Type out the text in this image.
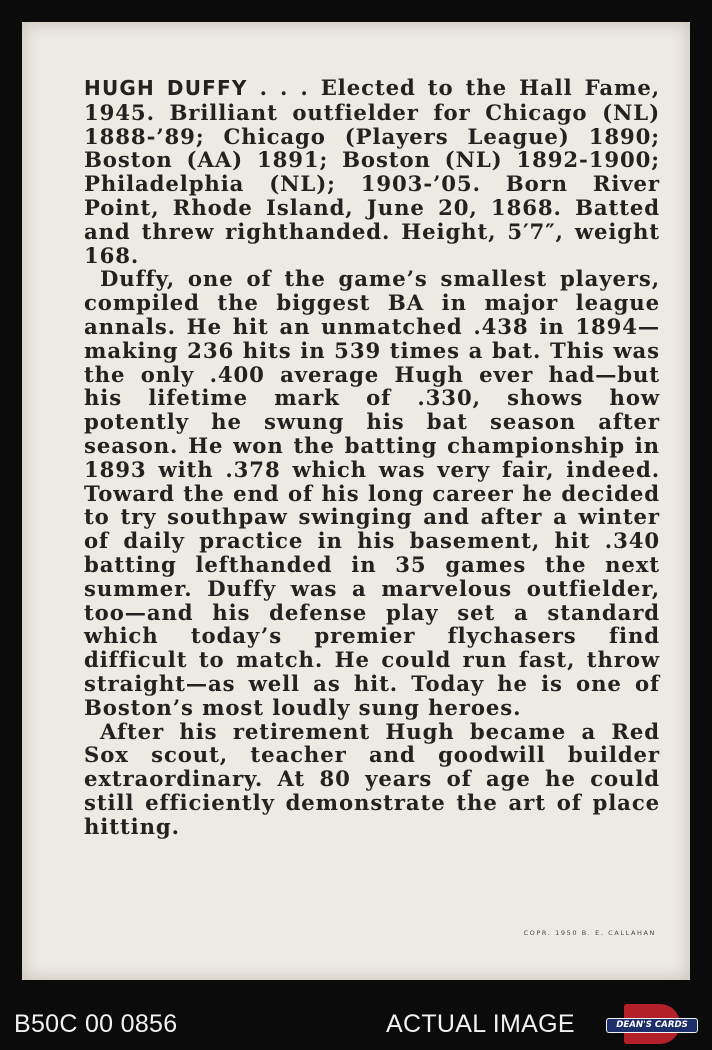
HUGH DUFFY . . . Elected to the Hall Fame, 1945. Brilliant outfielder for Chicago (NL) 1888-’89; Chicago (Players League) 1890; Boston (AA) 1891; Boston (NL) 1892-1900; Philadelphia (NL); 1903-’05. Born River Point, Rhode Island, June 20, 1868. Batted and threw righthanded. Height, 5′7″, weight 168.

Duffy, one of the game’s smallest players, compiled the biggest BA in major league annals. He hit an unmatched .438 in 1894—making 236 hits in 539 times a bat. This was the only .400 average Hugh ever had—but his lifetime mark of .330, shows how potently he swung his bat season after season. He won the batting championship in 1893 with .378 which was very fair, indeed. Toward the end of his long career he decided to try southpaw swinging and after a winter of daily practice in his basement, hit .340 batting lefthanded in 35 games the next summer. Duffy was a marvelous outfielder, too—and his defense play set a standard which today’s premier flychasers find difficult to match. He could run fast, throw straight—as well as hit. Today he is one of Boston’s most loudly sung heroes.

After his retirement Hugh became a Red Sox scout, teacher and goodwill builder extraordinary. At 80 years of age he could still efficiently demonstrate the art of place hitting.

COPR. 1950 B. E. CALLAHAN
B50C 00 0856	ACTUAL IMAGE	DEAN'S CARDS
